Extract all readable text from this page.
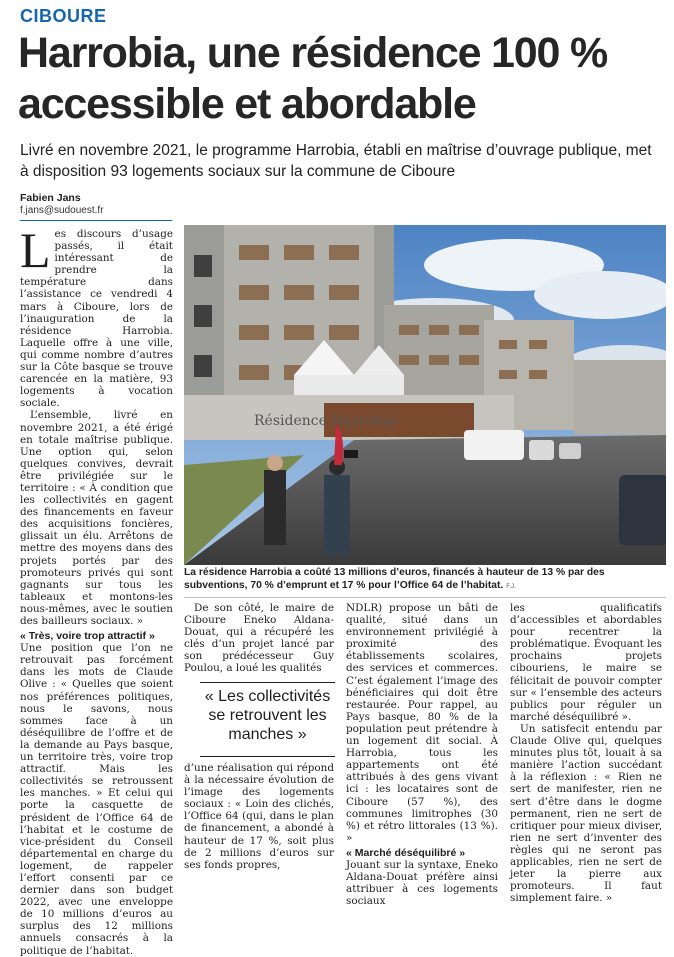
CIBOURE
Harrobia, une résidence 100 % accessible et abordable
Livré en novembre 2021, le programme Harrobia, établi en maîtrise d’ouvrage publique, met à disposition 93 logements sociaux sur la commune de Ciboure
Fabien Jans
f.jans@sudouest.fr

Les discours d’usage passés, il était intéressant de prendre la température dans l’assistance ce vendredi 4 mars à Ciboure, lors de l’inauguration de la résidence Harrobia. Laquelle offre à une ville, qui comme nombre d’autres sur la Côte basque se trouve carencée en la matière, 93 logements à vocation sociale.

L’ensemble, livré en novembre 2021, a été érigé en totale maîtrise publique. Une option qui, selon quelques convives, devrait être privilégiée sur le territoire : « À condition que les collectivités en gagent des financements en faveur des acquisitions foncières, glissait un élu. Arrêtons de mettre des moyens dans des projets portés par des promoteurs privés qui sont gagnants sur tous les tableaux et montons-les nous-mêmes, avec le soutien des bailleurs sociaux. »

« Très, voire trop attractif »

Une position que l’on ne retrouvait pas forcément dans les mots de Claude Olive : « Quelles que soient nos préférences politiques, nous le savons, nous sommes face à un déséquilibre de l’offre et de la demande au Pays basque, un territoire très, voire trop attractif. Mais les collectivités se retroussent les manches. » Et celui qui porte la casquette de président de l’Office 64 de l’habitat et le costume de vice-président du Conseil départemental en charge du logement, de rappeler l’effort consenti par ce dernier dans son budget 2022, avec une enveloppe de 10 millions d’euros au surplus des 12 millions annuels consacrés à la politique de l’habitat.

Résidence Harrobia
La résidence Harrobia a coûté 13 millions d’euros, financés à hauteur de 13 % par des subventions, 70 % d’emprunt et 17 % pour l’Office 64 de l’habitat. F.J.

De son côté, le maire de Ciboure Eneko Aldana-Douat, qui a récupéré les clés d’un projet lancé par son prédécesseur Guy Poulou, a loué les qualités

« Les collectivités se retrouvent les manches »

d’une réalisation qui répond à la nécessaire évolution de l’image des logements sociaux : « Loin des clichés, l’Office 64 (qui, dans le plan de financement, a abondé à hauteur de 17 %, soit plus de 2 millions d’euros sur ses fonds propres,

NDLR) propose un bâti de qualité, situé dans un environnement privilégié à proximité des établissements scolaires, des services et commerces. C’est également l’image des bénéficiaires qui doit être restaurée. Pour rappel, au Pays basque, 80 % de la population peut prétendre à un logement dit social. À Harrobia, tous les appartements ont été attribués à des gens vivant ici : les locataires sont de Ciboure (57 %), des communes limitrophes (30 %) et rétro littorales (13 %). »

« Marché déséquilibré »

Jouant sur la syntaxe, Eneko Aldana-Douat préfère ainsi attribuer à ces logements sociaux

les qualificatifs d’accessibles et abordables pour recentrer la problématique. Évoquant les prochains projets cibouriens, le maire se félicitait de pouvoir compter sur « l’ensemble des acteurs publics pour réguler un marché déséquilibré ».

Un satisfecit entendu par Claude Olive qui, quelques minutes plus tôt, louait à sa manière l’action succédant à la réflexion : « Rien ne sert de manifester, rien ne sert d’être dans le dogme permanent, rien ne sert de critiquer pour mieux diviser, rien ne sert d’inventer des règles qui ne seront pas applicables, rien ne sert de jeter la pierre aux promoteurs. Il faut simplement faire. »
